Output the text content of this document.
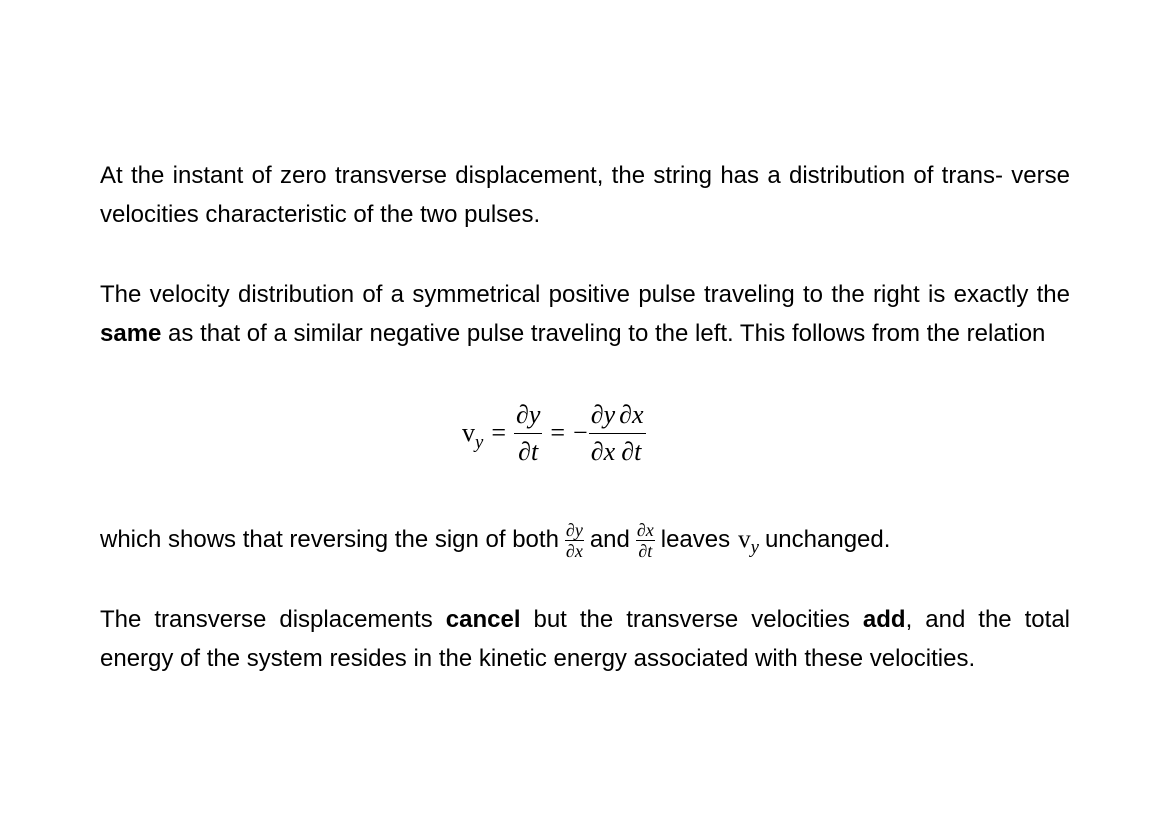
At the instant of zero transverse displacement, the string has a distribution of trans- verse velocities characteristic of the two pulses.

The velocity distribution of a symmetrical positive pulse traveling to the right is exactly the same as that of a similar negative pulse traveling to the left. This follows from the relation

$v_y = \frac{\partial y}{\partial t}$ = − $\frac{\partial y}{\partial x} \frac{\partial x}{\partial t}$
which shows that reversing the sign of both $\frac{\partial y}{\partial x}$ and $\frac{\partial x}{\partial t}$ leaves $v_y$ unchanged.

The transverse displacements cancel but the transverse velocities add, and the total energy of the system resides in the kinetic energy associated with these velocities.
